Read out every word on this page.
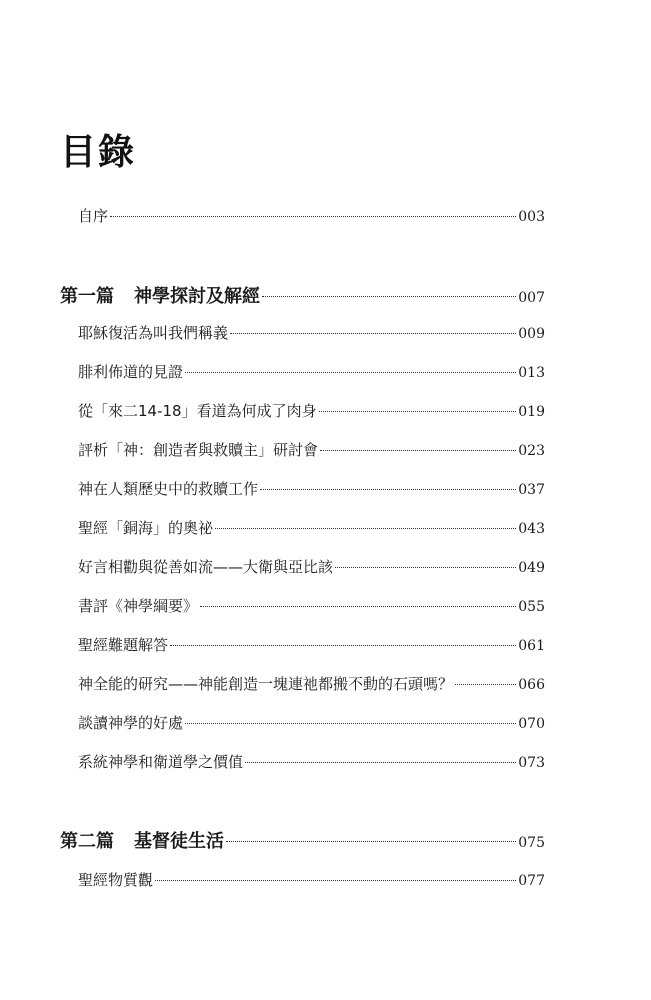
目錄
自序	003
第一篇 神學探討及解經	007
耶穌復活為叫我們稱義	009
腓利佈道的見證	013
從「來二14-18」看道為何成了肉身	019
評析「神：創造者與救贖主」研討會	023
神在人類歷史中的救贖工作	037
聖經「銅海」的奧祕	043
好言相勸與從善如流——大衛與亞比該	049
書評《神學綱要》	055
聖經難題解答	061
神全能的研究——神能創造一塊連祂都搬不動的石頭嗎？	066
談讀神學的好處	070
系統神學和衛道學之價值	073
第二篇 基督徒生活	075
聖經物質觀	077
